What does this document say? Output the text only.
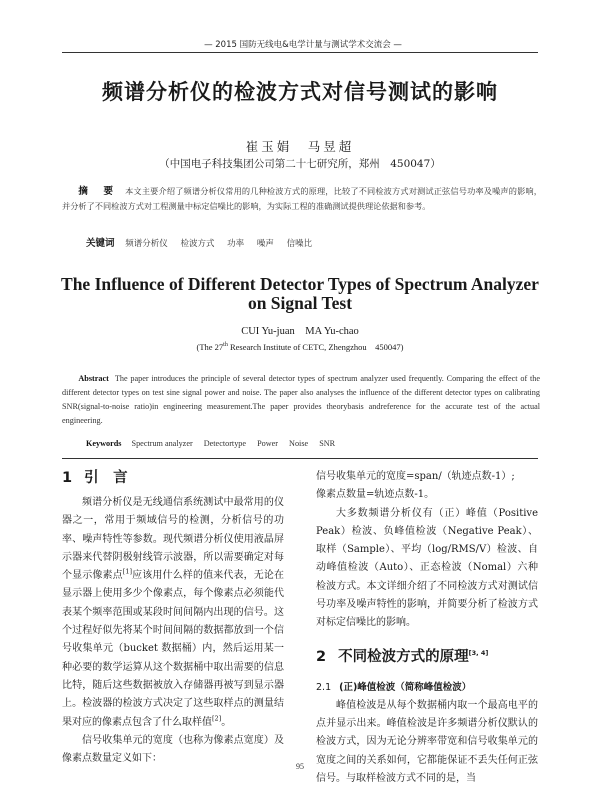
— 2015 国防无线电&电学计量与测试学术交流会 —
频谱分析仪的检波方式对信号测试的影响
崔玉娟　马昱超
（中国电子科技集团公司第二十七研究所，郑州　450047）
摘 要 本文主要介绍了频谱分析仪常用的几种检波方式的原理，比较了不同检波方式对测试正弦信号功率及噪声的影响，并分析了不同检波方式对工程测量中标定信噪比的影响，为实际工程的准确测试提供理论依据和参考。
关键词 频谱分析仪 检波方式 功率 噪声 信噪比
The Influence of Different Detector Types of Spectrum Analyzer
on Signal Test
CUI Yu-juan　MA Yu-chao
(The 27th Research Institute of CETC, Zhengzhou　450047)
Abstract The paper introduces the principle of several detector types of spectrum analyzer used frequently. Comparing the effect of the different detector types on test sine signal power and noise. The paper also analyses the influence of the different detector types on calibrating SNR(signal-to-noise ratio)in engineering measurement.The paper provides theorybasis andreference for the accurate test of the actual engineering.
Keywords Spectrum analyzer Detectortype Power Noise SNR
1 引　言

频谱分析仪是无线通信系统测试中最常用的仪器之一，常用于频域信号的检测，分析信号的功率、噪声特性等参数。现代频谱分析仪使用液晶屏示器来代替阴极射线管示波器，所以需要确定对每个显示像素点[1]应该用什么样的值来代表，无论在显示器上使用多少个像素点，每个像素点必须能代表某个频率范围或某段时间间隔内出现的信号。这个过程好似先将某个时间间隔的数据都放到一个信号收集单元（bucket 数据桶）内，然后运用某一种必要的数学运算从这个数据桶中取出需要的信息比特，随后这些数据被放入存储器再被写到显示器上。检波器的检波方式决定了这些取样点的测量结果对应的像素点包含了什么取样值[2]。

信号收集单元的宽度（也称为像素点宽度）及像素点数量定义如下：

信号收集单元的宽度=span/（轨迹点数-1）;

像素点数量=轨迹点数-1。

大多数频谱分析仪有（正）峰值（Positive Peak）检波、负峰值检波（Negative Peak）、取样（Sample）、平均（log/RMS/V）检波、自动峰值检波（Auto）、正态检波（Nomal）六种检波方式。本文详细介绍了不同检波方式对测试信号功率及噪声特性的影响，并简要分析了检波方式对标定信噪比的影响。

2 不同检波方式的原理[3, 4]
2.1 (正)峰值检波（简称峰值检波）

峰值检波是从每个数据桶内取一个最高电平的点并显示出来。峰值检波是许多频谱分析仪默认的检波方式，因为无论分辨率带宽和信号收集单元的宽度之间的关系如何，它都能保证不丢失任何正弦信号。与取样检波方式不同的是，当

95
